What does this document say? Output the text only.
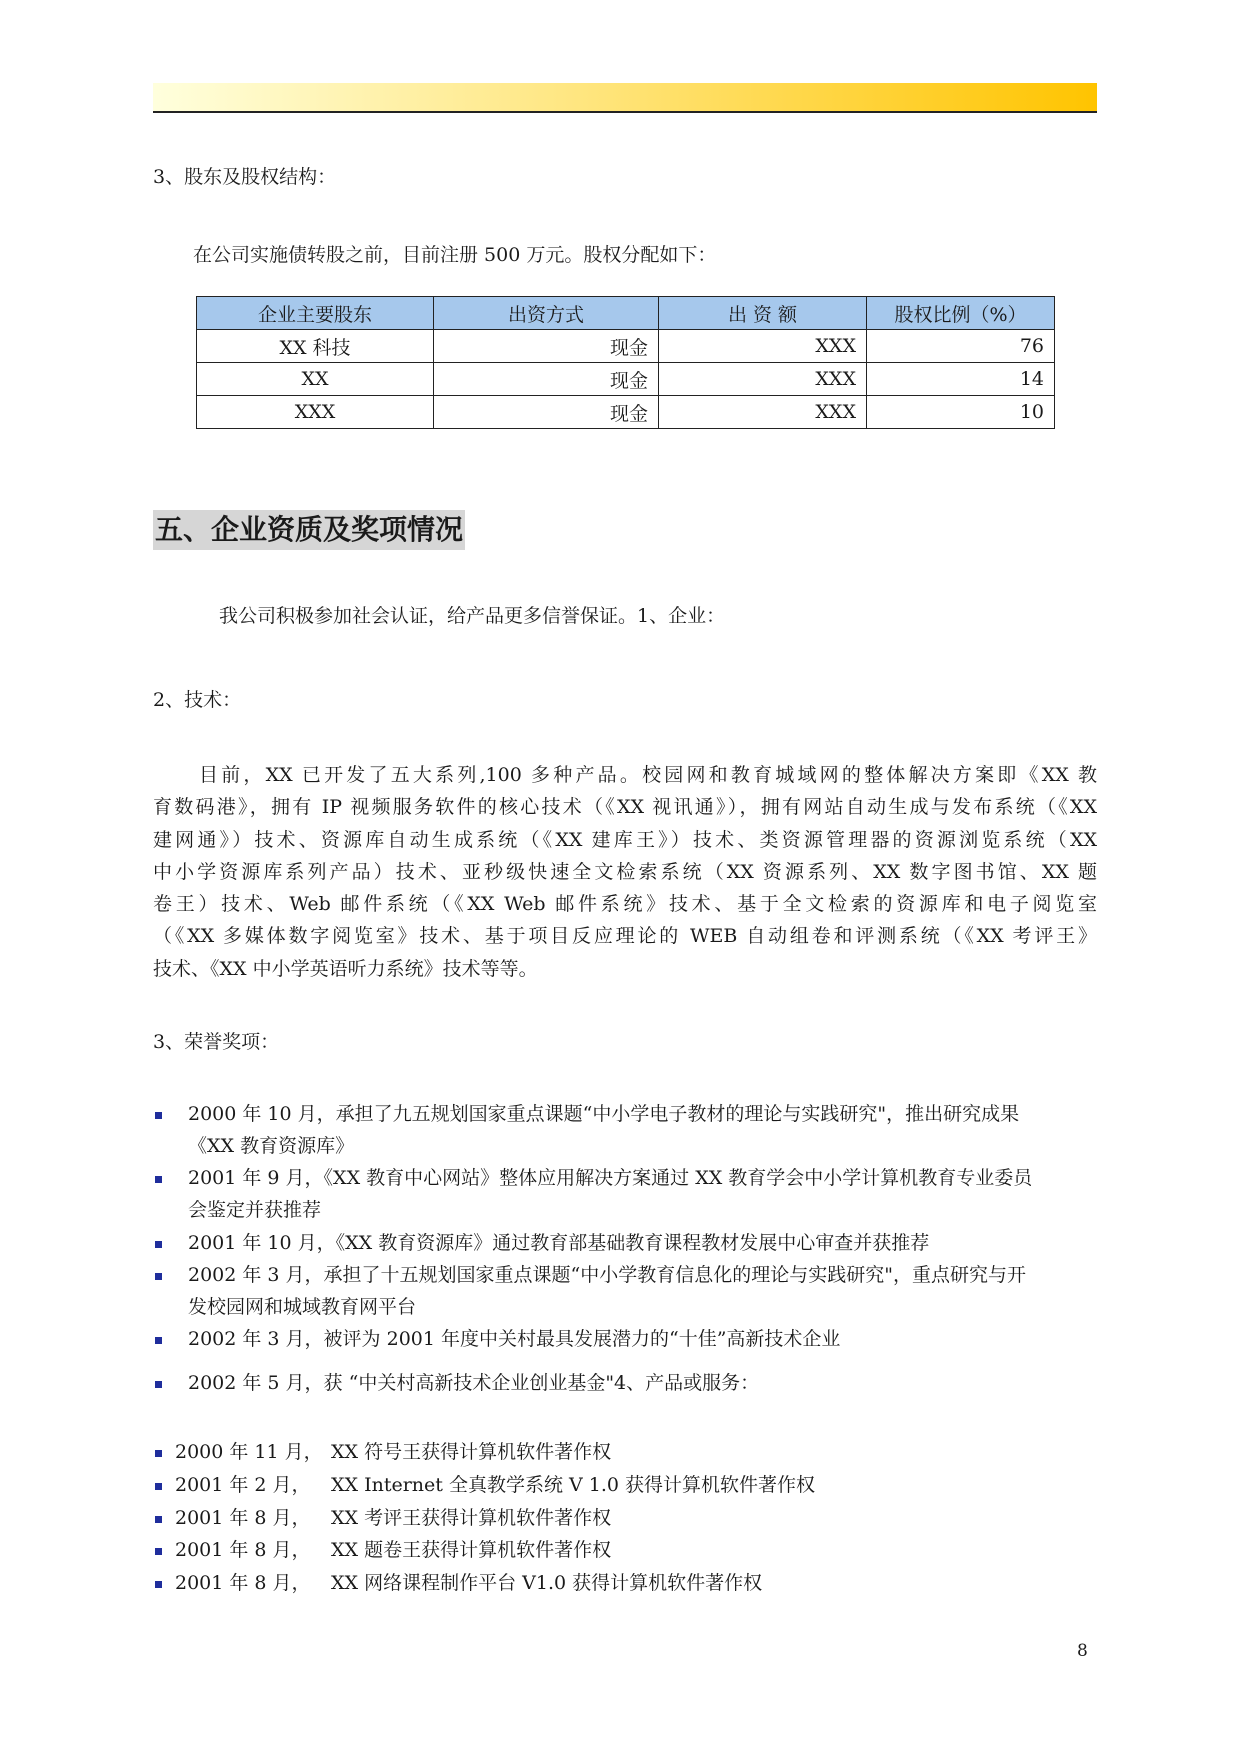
3、股东及股权结构：
在公司实施债转股之前，目前注册 500 万元。股权分配如下：
企业主要股东	出资方式	出 资 额	股权比例（%）
XX 科技	现金	XXX	76
XX	现金	XXX	14
XXX	现金	XXX	10
五、企业资质及奖项情况
我公司积极参加社会认证，给产品更多信誉保证。1、企业：
2、技术：

目前，XX 已开发了五大系列,100 多种产品。校园网和教育城域网的整体解决方案即《XX 教

育数码港》，拥有 IP 视频服务软件的核心技术（《XX 视讯通》），拥有网站自动生成与发布系统（《XX

建网通》）技术、资源库自动生成系统（《XX 建库王》）技术、类资源管理器的资源浏览系统（XX

中小学资源库系列产品）技术、亚秒级快速全文检索系统（XX 资源系列、XX 数字图书馆、XX 题

卷王）技术、Web 邮件系统（《XX Web 邮件系统》技术、基于全文检索的资源库和电子阅览室

（《XX 多媒体数字阅览室》技术、基于项目反应理论的 WEB 自动组卷和评测系统（《XX 考评王》

技术、《XX 中小学英语听力系统》技术等等。

3、荣誉奖项：
2000 年 10 月，承担了九五规划国家重点课题“中小学电子教材的理论与实践研究"，推出研究成果
《XX 教育资源库》
2001 年 9 月，《XX 教育中心网站》整体应用解决方案通过 XX 教育学会中小学计算机教育专业委员
会鉴定并获推荐
2001 年 10 月，《XX 教育资源库》通过教育部基础教育课程教材发展中心审查并获推荐
2002 年 3 月，承担了十五规划国家重点课题“中小学教育信息化的理论与实践研究"，重点研究与开
发校园网和城域教育网平台
2002 年 3 月，被评为 2001 年度中关村最具发展潜力的“十佳”高新技术企业
2002 年 5 月，获 “中关村高新技术企业创业基金"4、产品或服务：
2000 年 11 月， XX 符号王获得计算机软件著作权
2001 年 2 月， XX Internet 全真教学系统 V 1.0 获得计算机软件著作权
2001 年 8 月， XX 考评王获得计算机软件著作权
2001 年 8 月， XX 题卷王获得计算机软件著作权
2001 年 8 月， XX 网络课程制作平台 V1.0 获得计算机软件著作权
8
